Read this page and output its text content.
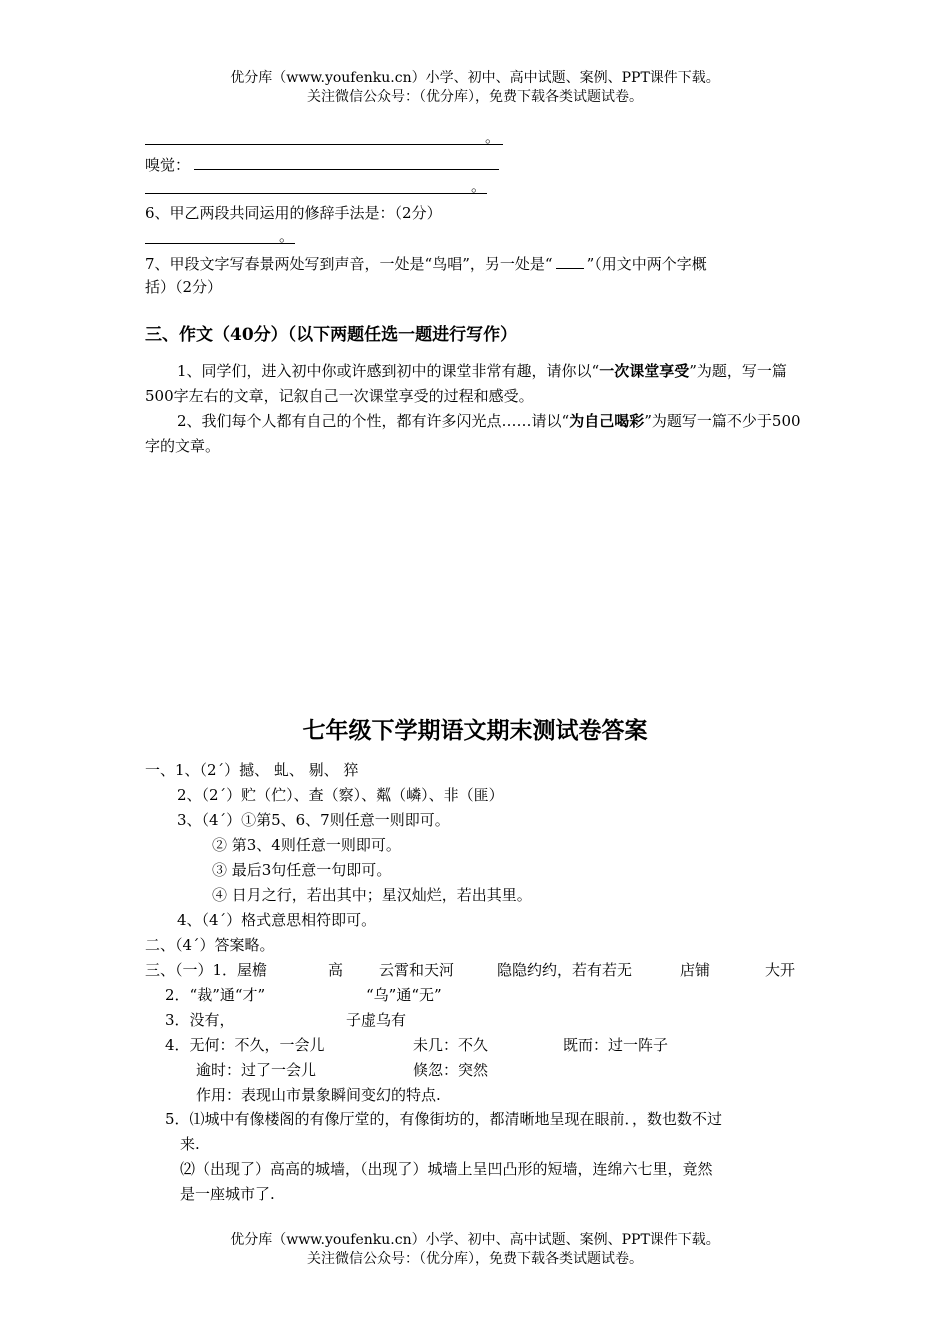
优分库（www.youfenku.cn）小学、初中、高中试题、案例、PPT课件下载。
关注微信公众号：（优分库），免费下载各类试题试卷。
。
嗅觉：
。
6、甲乙两段共同运用的修辞手法是：（2分）
。
7、甲段文字写春景两处写到声音，一处是“鸟唱”，另一处是“ ”（用文中两个字概
括）（2分）
三、作文（40分）（以下两题任选一题进行写作）
1、同学们，进入初中你或许感到初中的课堂非常有趣，请你以“一次课堂享受”为题，写一篇500字左右的文章，记叙自己一次课堂享受的过程和感受。
2、我们每个人都有自己的个性，都有许多闪光点……请以“为自己喝彩”为题写一篇不少于500字的文章。
七年级下学期语文期末测试卷答案
一、1、（2´）撼、 虬、 剔、 猝
2、（2´）贮（伫）、查（察）、粼（嶙）、非（匪）
3、（4´）①第5、6、7则任意一则即可。
② 第3、4则任意一则即可。
③ 最后3句任意一句即可。
④ 日月之行，若出其中；星汉灿烂，若出其里。
4、（4´）格式意思相符即可。
二、（4´）答案略。
三、（一）1．屋檐	高 云霄和天河	隐隐约约，若有若无	店铺	大开
2．“裁”通“才”	“乌”通“无”
3．没有，	子虚乌有
4．无何：不久，一会儿	未几：不久	既而：过一阵子
逾时：过了一会儿	倏忽：突然
作用：表现山市景象瞬间变幻的特点.
5．⑴城中有像楼阁的有像厅堂的，有像街坊的，都清晰地呈现在眼前．，数也数不过
来.
⑵（出现了）高高的城墙，（出现了）城墙上呈凹凸形的短墙，连绵六七里，竟然
是一座城市了.
优分库（www.youfenku.cn）小学、初中、高中试题、案例、PPT课件下载。
关注微信公众号：（优分库），免费下载各类试题试卷。
